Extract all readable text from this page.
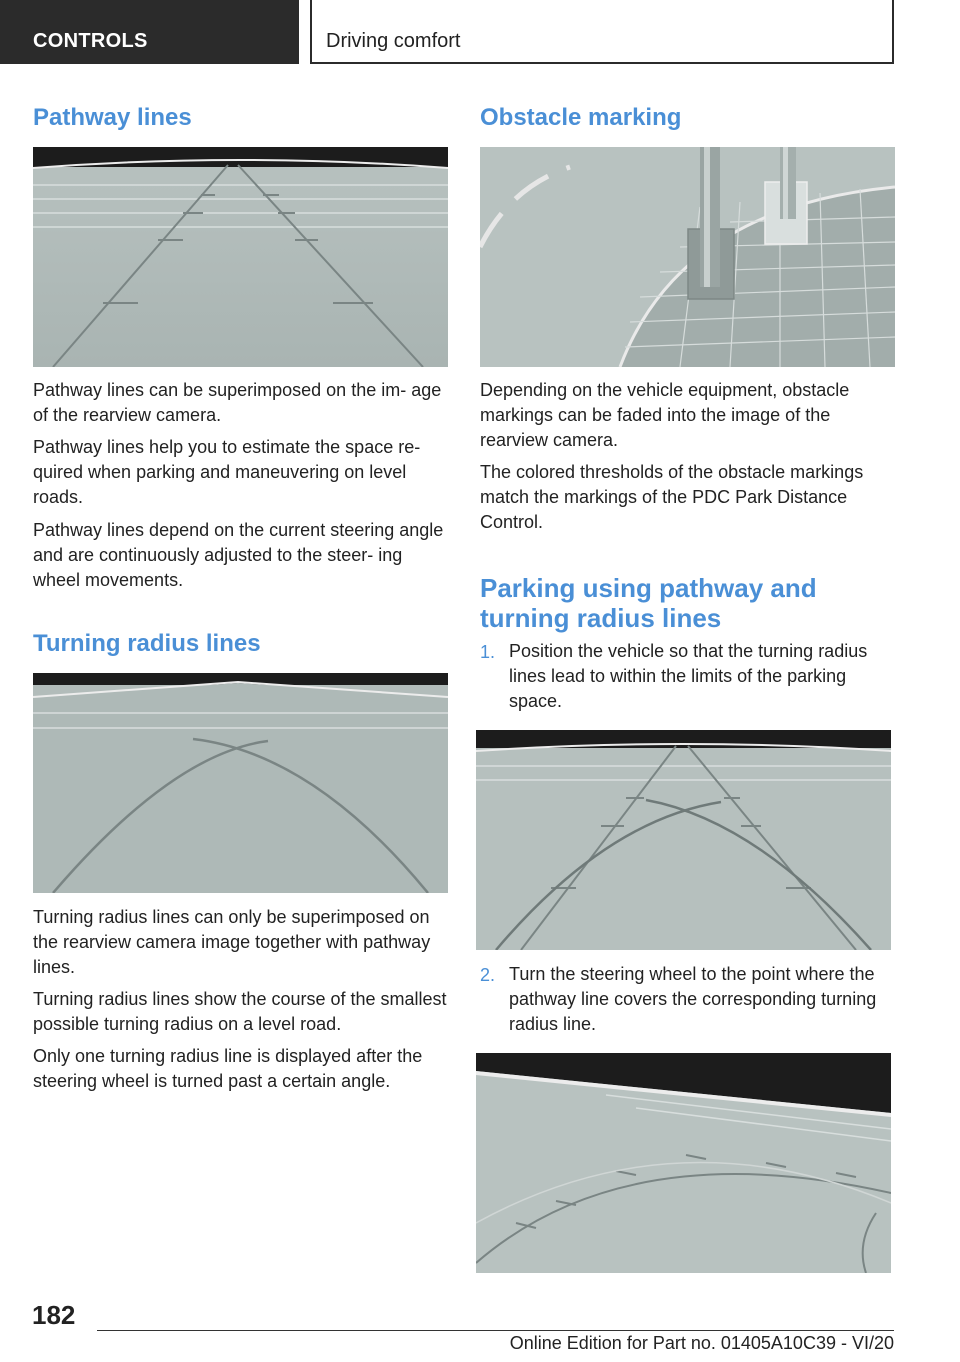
CONTROLS	Driving comfort
Pathway lines

Pathway lines can be superimposed on the im‐ age of the rearview camera.

Pathway lines help you to estimate the space re‐ quired when parking and maneuvering on level roads.

Pathway lines depend on the current steering angle and are continuously adjusted to the steer‐ ing wheel movements.

Turning radius lines

Turning radius lines can only be superimposed on the rearview camera image together with pathway lines.

Turning radius lines show the course of the smallest possible turning radius on a level road.

Only one turning radius line is displayed after the steering wheel is turned past a certain angle.

Obstacle marking

Depending on the vehicle equipment, obstacle markings can be faded into the image of the rearview camera.

The colored thresholds of the obstacle markings match the markings of the PDC Park Distance Control.

Parking using pathway and turning radius lines
1. Position the vehicle so that the turning radius lines lead to within the limits of the parking space.

2. Turn the steering wheel to the point where the pathway line covers the corresponding turning radius line.

182
Online Edition for Part no. 01405A10C39 - VI/20
